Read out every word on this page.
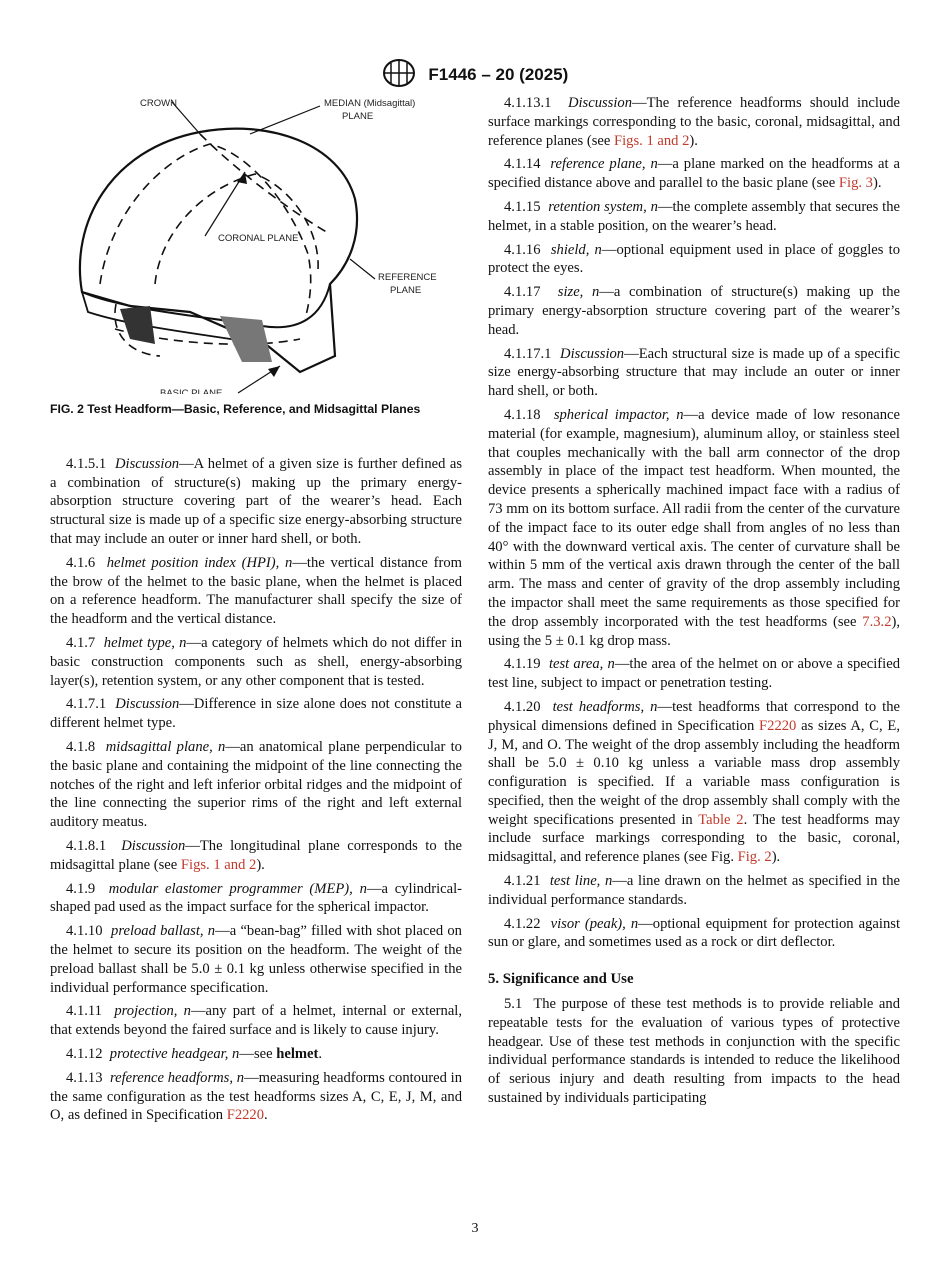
F1446 – 20 (2025)
CROWN	MEDIAN (Midsagittal)
PLANE
CORONAL PLANE
REFERENCE
PLANE
BASIC PLANE
FIG. 2 Test Headform—Basic, Reference, and Midsagittal Planes

4.1.5.1 Discussion—A helmet of a given size is further defined as a combination of structure(s) making up the primary energy-absorption structure covering part of the wearer’s head. Each structural size is made up of a specific size energy-absorbing structure that may include an outer or inner hard shell, or both.

4.1.6 helmet position index (HPI), n—the vertical distance from the brow of the helmet to the basic plane, when the helmet is placed on a reference headform. The manufacturer shall specify the size of the headform and the vertical distance.

4.1.7 helmet type, n—a category of helmets which do not differ in basic construction components such as shell, energy-absorbing layer(s), retention system, or any other component that is tested.

4.1.7.1 Discussion—Difference in size alone does not constitute a different helmet type.

4.1.8 midsagittal plane, n—an anatomical plane perpendicular to the basic plane and containing the midpoint of the line connecting the notches of the right and left inferior orbital ridges and the midpoint of the line connecting the superior rims of the right and left external auditory meatus.

4.1.8.1 Discussion—The longitudinal plane corresponds to the midsagittal plane (see Figs. 1 and 2).

4.1.9 modular elastomer programmer (MEP), n—a cylindrical-shaped pad used as the impact surface for the spherical impactor.

4.1.10 preload ballast, n—a “bean-bag” filled with shot placed on the helmet to secure its position on the headform. The weight of the preload ballast shall be 5.0 ± 0.1 kg unless otherwise specified in the individual performance specification.

4.1.11 projection, n—any part of a helmet, internal or external, that extends beyond the faired surface and is likely to cause injury.

4.1.12 protective headgear, n—see helmet.

4.1.13 reference headforms, n—measuring headforms contoured in the same configuration as the test headforms sizes A, C, E, J, M, and O, as defined in Specification F2220.

4.1.13.1 Discussion—The reference headforms should include surface markings corresponding to the basic, coronal, midsagittal, and reference planes (see Figs. 1 and 2).

4.1.14 reference plane, n—a plane marked on the headforms at a specified distance above and parallel to the basic plane (see Fig. 3).

4.1.15 retention system, n—the complete assembly that secures the helmet, in a stable position, on the wearer’s head.

4.1.16 shield, n—optional equipment used in place of goggles to protect the eyes.

4.1.17 size, n—a combination of structure(s) making up the primary energy-absorption structure covering part of the wearer’s head.

4.1.17.1 Discussion—Each structural size is made up of a specific size energy-absorbing structure that may include an outer or inner hard shell, or both.

4.1.18 spherical impactor, n—a device made of low resonance material (for example, magnesium), aluminum alloy, or stainless steel that couples mechanically with the ball arm connector of the drop assembly in place of the impact test headform. When mounted, the device presents a spherically machined impact face with a radius of 73 mm on its bottom surface. All radii from the center of the curvature of the impact face to its outer edge shall from angles of no less than 40° with the downward vertical axis. The center of curvature shall be within 5 mm of the vertical axis drawn through the center of the ball arm. The mass and center of gravity of the drop assembly including the impactor shall meet the same requirements as those specified for the drop assembly incorporated with the test headforms (see 7.3.2), using the 5 ± 0.1 kg drop mass.

4.1.19 test area, n—the area of the helmet on or above a specified test line, subject to impact or penetration testing.

4.1.20 test headforms, n—test headforms that correspond to the physical dimensions defined in Specification F2220 as sizes A, C, E, J, M, and O. The weight of the drop assembly including the headform shall be 5.0 ± 0.10 kg unless a variable mass drop assembly configuration is specified. If a variable mass configuration is specified, then the weight of the drop assembly shall comply with the weight specifications presented in Table 2. The test headforms may include surface markings corresponding to the basic, coronal, midsagittal, and reference planes (see Fig. Fig. 2).

4.1.21 test line, n—a line drawn on the helmet as specified in the individual performance standards.

4.1.22 visor (peak), n—optional equipment for protection against sun or glare, and sometimes used as a rock or dirt deflector.

5. Significance and Use

5.1 The purpose of these test methods is to provide reliable and repeatable tests for the evaluation of various types of protective headgear. Use of these test methods in conjunction with the specific individual performance standards is intended to reduce the likelihood of serious injury and death resulting from impacts to the head sustained by individuals participating

3
